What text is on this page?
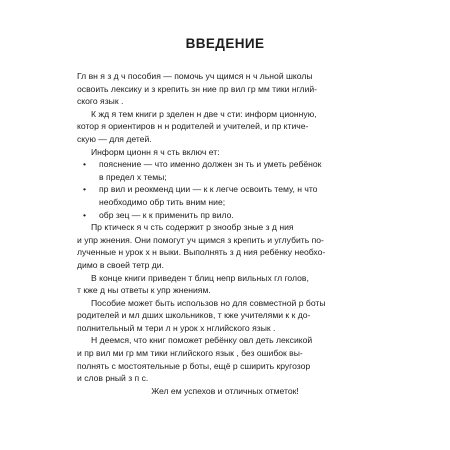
ВВЕДЕНИЕ
Гл вн я з д ч пособия — помочь уч щимся н ч льной школы
освоить лексику и з крепить зн ние пр вил гр мм тики нглий-
ского язык .
К жд я тем книги р зделен н две ч сти: информ ционную,
котор я ориентиров н н родителей и учителей, и пр ктиче-
скую — для детей.
Информ ционн я ч сть включ ет:
•	пояснение — что именно должен зн ть и уметь ребёнок
в предел х темы;
•	пр вил и реокменд ции — к к легче освоить тему, н что
необходимо обр тить вним ние;
•	обр зец — к к применить пр вило.
Пр ктическ я ч сть содержит р знообр зные з д ния
и упр жнения. Они помогут уч щимся з крепить и углубить по-
лученные н урок х н выки. Выполнять з д ния ребёнку необхо-
димо в своей тетр ди.
В конце книги приведен т блиц непр вильных гл голов,
т кже д ны ответы к упр жнениям.
Пособие может быть использов но для совместной р боты
родителей и мл дших школьников, т кже учителями к к до-
полнительный м тери л н урок х нглийского язык .
Н деемся, что книг поможет ребёнку овл деть лексикой
и пр вил ми гр мм тики нглийского язык , без ошибок вы-
полнять с мостоятельные р боты, ещё р сширить кругозор
и слов рный з п с.
Жел ем успехов и отличных отметок!
